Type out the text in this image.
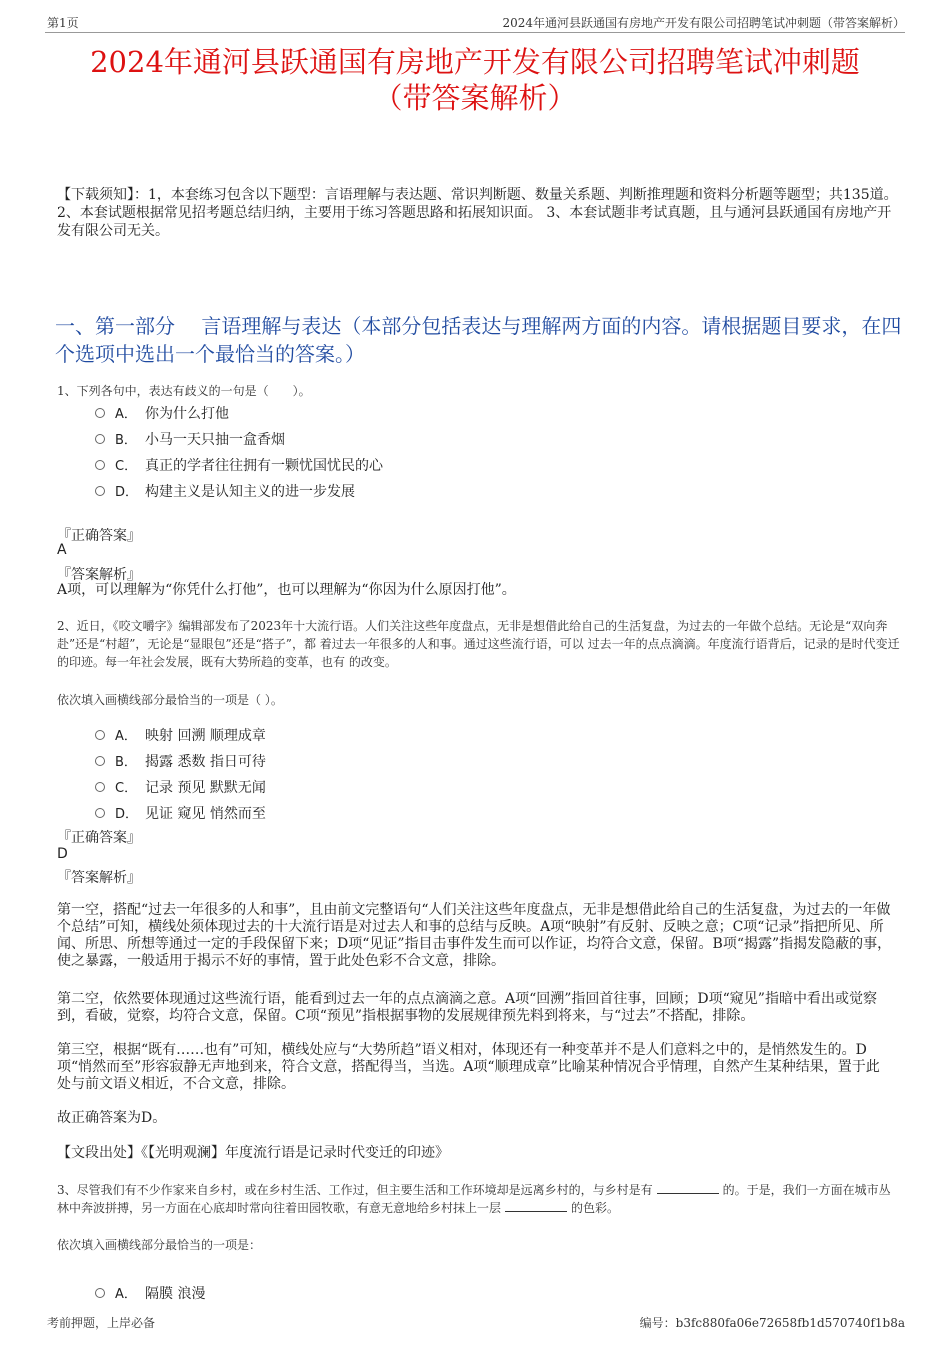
第1页	2024年通河县跃通国有房地产开发有限公司招聘笔试冲刺题（带答案解析）
2024年通河县跃通国有房地产开发有限公司招聘笔试冲刺题
（带答案解析）
【下载须知】：1，本套练习包含以下题型：言语理解与表达题、常识判断题、数量关系题、判断推理题和资料分析题等题型；共135道。 2、本套试题根据常见招考题总结归纳，主要用于练习答题思路和拓展知识面。 3、本套试题非考试真题，且与通河县跃通国有房地产开发有限公司无关。
一、第一部分　 言语理解与表达（本部分包括表达与理解两方面的内容。请根据题目要求，在四个选项中选出一个最恰当的答案。）
1、下列各句中，表达有歧义的一句是（　　）。
A． 你为什么打他
B． 小马一天只抽一盒香烟
C． 真正的学者往往拥有一颗忧国忧民的心
D． 构建主义是认知主义的进一步发展
『正确答案』
A
『答案解析』
A项，可以理解为“你凭什么打他”，也可以理解为“你因为什么原因打他”。
2、近日，《咬文嚼字》编辑部发布了2023年十大流行语。人们关注这些年度盘点，无非是想借此给自己的生活复盘，为过去的一年做个总结。无论是“双向奔赴”还是“村超”，无论是“显眼包”还是“搭子”，都 着过去一年很多的人和事。通过这些流行语，可以 过去一年的点点滴滴。年度流行语背后，记录的是时代变迁的印迹。每一年社会发展，既有大势所趋的变革，也有 的改变。
依次填入画横线部分最恰当的一项是（ ）。
A． 映射 回溯 顺理成章
B． 揭露 悉数 指日可待
C． 记录 预见 默默无闻
D． 见证 窥见 悄然而至
『正确答案』
D
『答案解析』
第一空，搭配“过去一年很多的人和事”，且由前文完整语句“人们关注这些年度盘点，无非是想借此给自己的生活复盘，为过去的一年做个总结”可知，横线处须体现过去的十大流行语是对过去人和事的总结与反映。A项“映射”有反射、反映之意；C项“记录”指把所见、所闻、所思、所想等通过一定的手段保留下来；D项“见证”指目击事件发生而可以作证，均符合文意，保留。B项“揭露”指揭发隐蔽的事，使之暴露，一般适用于揭示不好的事情，置于此处色彩不合文意，排除。
第二空，依然要体现通过这些流行语，能看到过去一年的点点滴滴之意。A项“回溯”指回首往事，回顾；D项“窥见”指暗中看出或觉察到，看破，觉察，均符合文意，保留。C项“预见”指根据事物的发展规律预先料到将来，与“过去”不搭配，排除。
第三空，根据“既有……也有”可知，横线处应与“大势所趋”语义相对，体现还有一种变革并不是人们意料之中的，是悄然发生的。D项“悄然而至”形容寂静无声地到来，符合文意，搭配得当，当选。A项“顺理成章”比喻某种情况合乎情理，自然产生某种结果，置于此处与前文语义相近，不合文意，排除。
故正确答案为D。
【文段出处】《【光明观澜】年度流行语是记录时代变迁的印迹》
3、尽管我们有不少作家来自乡村，或在乡村生活、工作过，但主要生活和工作环境却是远离乡村的，与乡村是有	的。于是，我们一方面在城市丛林中奔波拼搏，另一方面在心底却时常向往着田园牧歌，有意无意地给乡村抹上一层	的色彩。
依次填入画横线部分最恰当的一项是：
A． 隔膜 浪漫
考前押题，上岸必备	编号：b3fc880fa06e72658fb1d570740f1b8a
